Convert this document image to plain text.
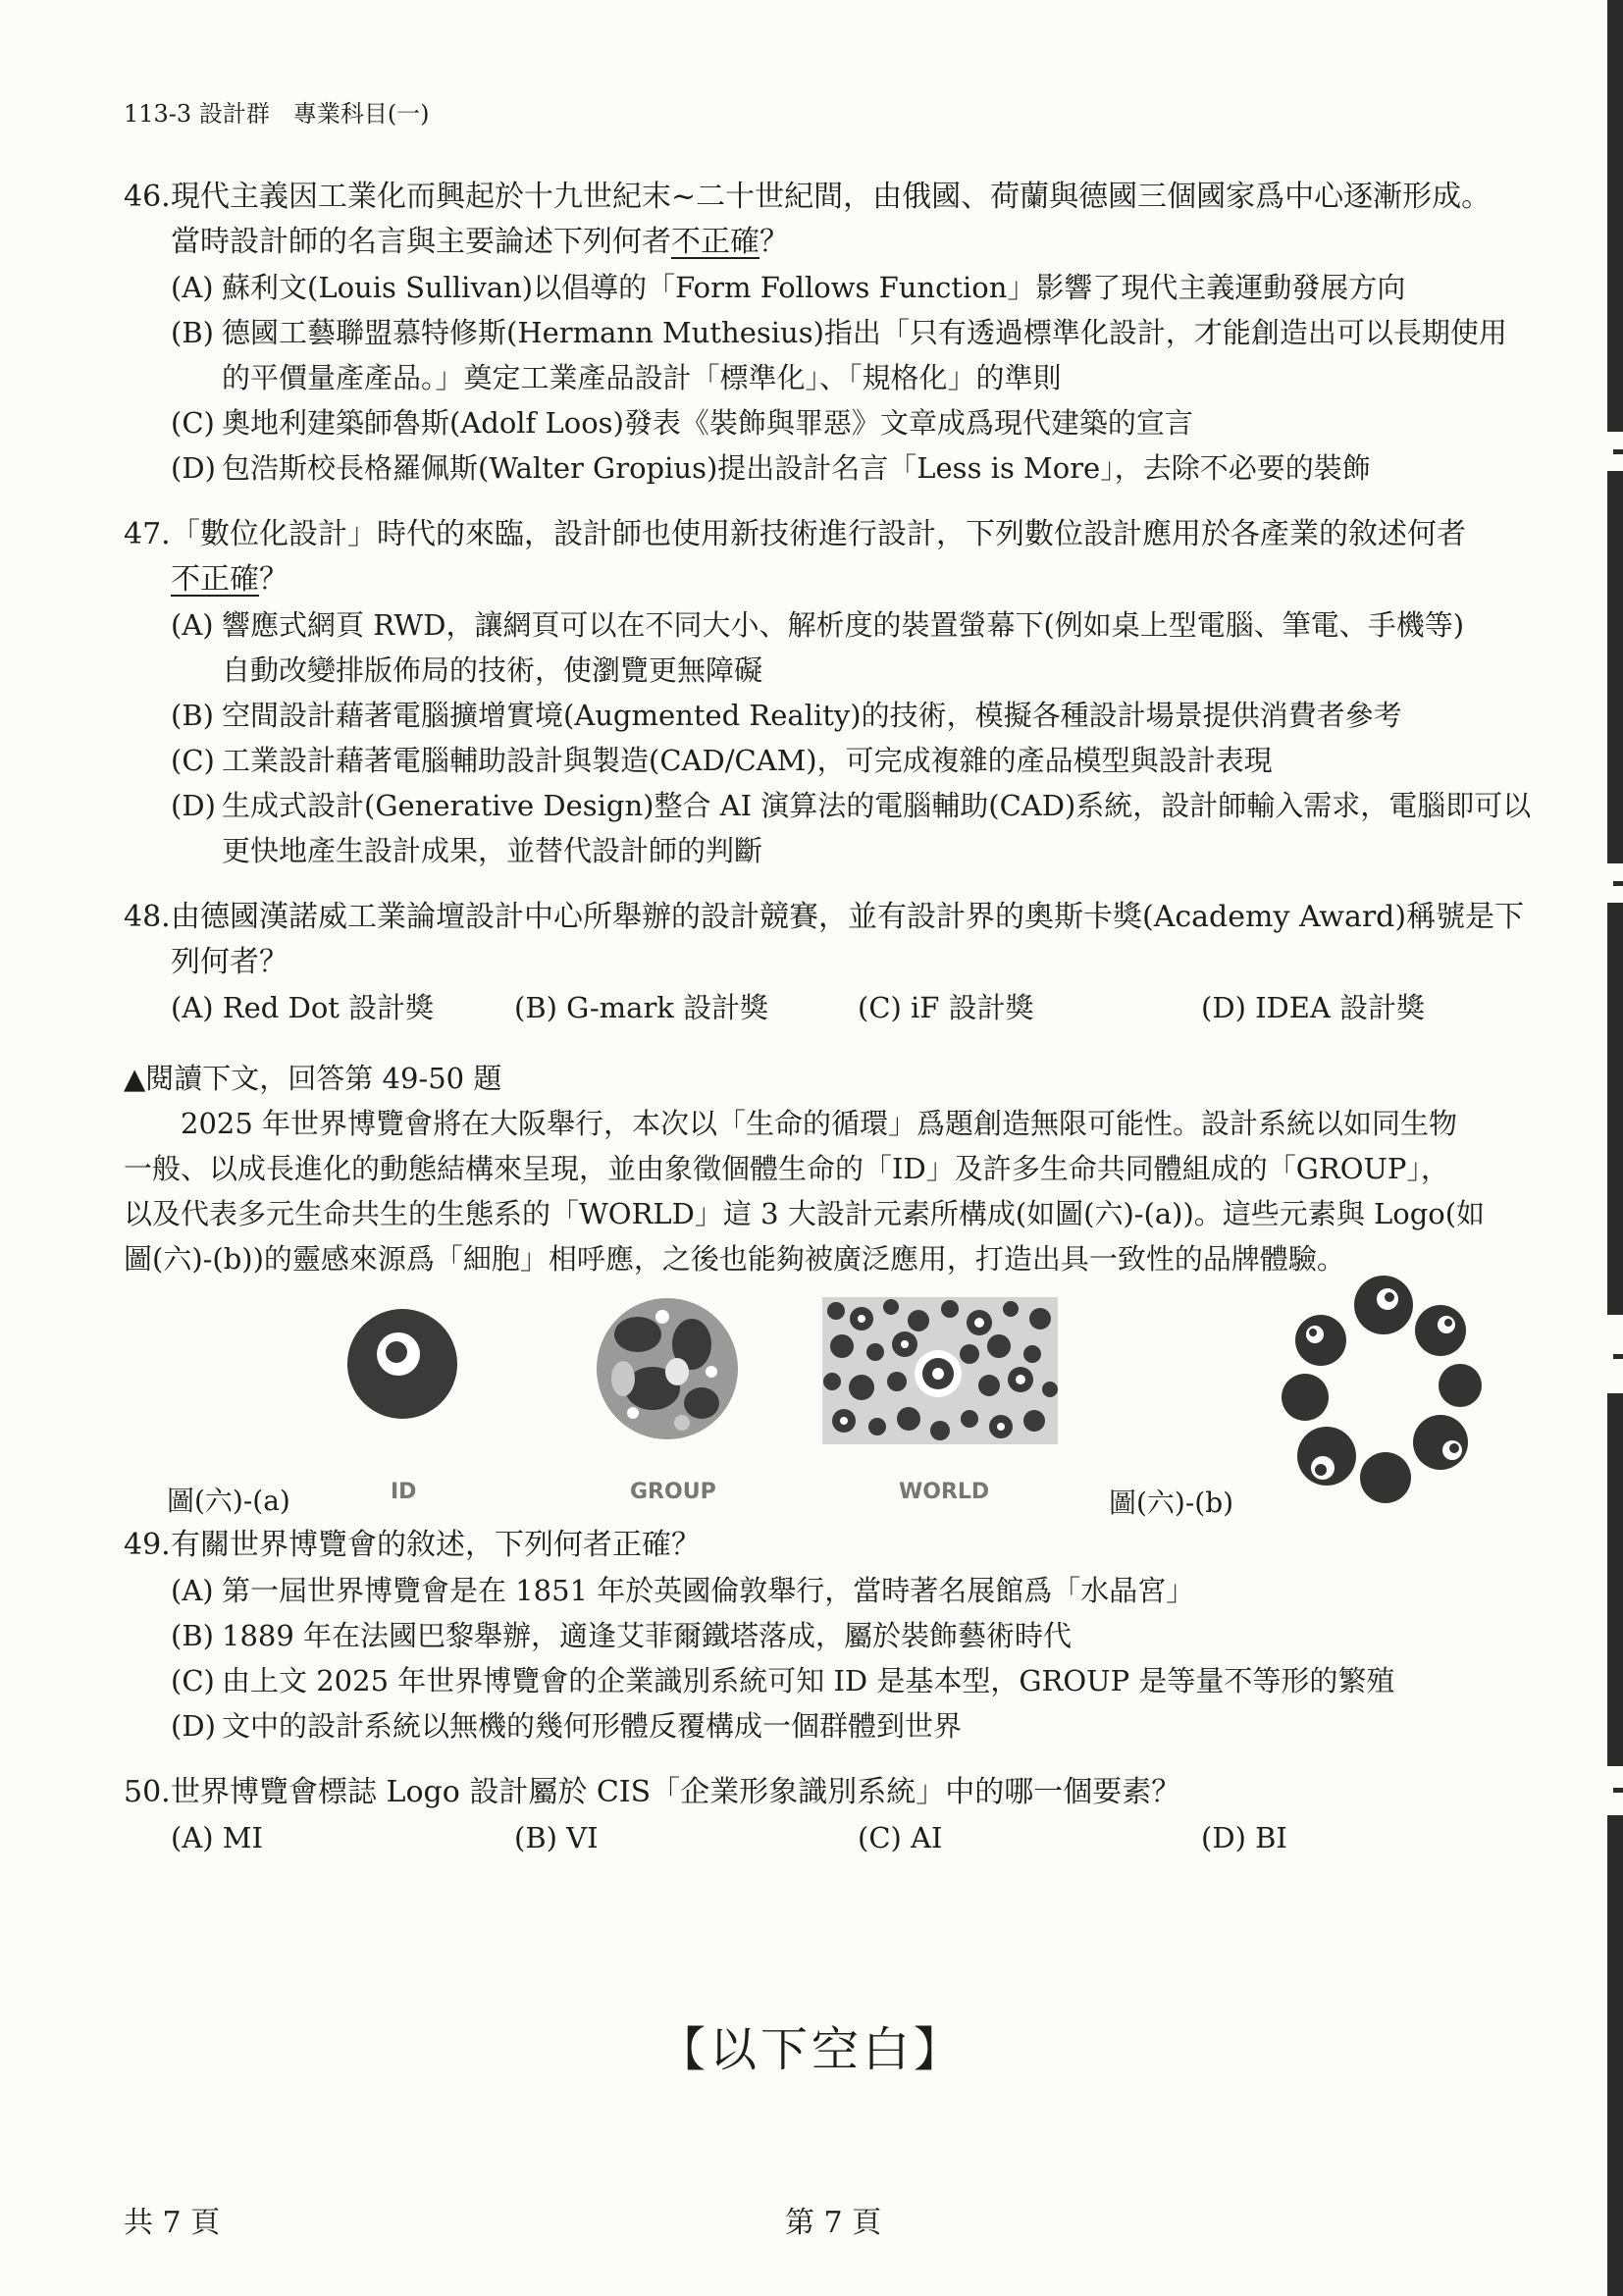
113-3 設計群　專業科目(一)
46. 現代主義因工業化而興起於十九世紀末~二十世紀間，由俄國、荷蘭與德國三個國家爲中心逐漸形成。
當時設計師的名言與主要論述下列何者不正確？
(A) 蘇利文(Louis Sullivan)以倡導的「Form Follows Function」影響了現代主義運動發展方向
(B) 德國工藝聯盟慕特修斯(Hermann Muthesius)指出「只有透過標準化設計，才能創造出可以長期使用
的平價量產產品。」奠定工業產品設計「標準化」、「規格化」的準則
(C) 奧地利建築師魯斯(Adolf Loos)發表《裝飾與罪惡》文章成爲現代建築的宣言
(D) 包浩斯校長格羅佩斯(Walter Gropius)提出設計名言「Less is More」，去除不必要的裝飾
47. 「數位化設計」時代的來臨，設計師也使用新技術進行設計，下列數位設計應用於各產業的敘述何者
不正確？
(A) 響應式網頁 RWD，讓網頁可以在不同大小、解析度的裝置螢幕下(例如桌上型電腦、筆電、手機等)
自動改變排版佈局的技術，使瀏覽更無障礙
(B) 空間設計藉著電腦擴增實境(Augmented Reality)的技術，模擬各種設計場景提供消費者參考
(C) 工業設計藉著電腦輔助設計與製造(CAD/CAM)，可完成複雜的產品模型與設計表現
(D) 生成式設計(Generative Design)整合 AI 演算法的電腦輔助(CAD)系統，設計師輸入需求，電腦即可以
更快地產生設計成果，並替代設計師的判斷
48. 由德國漢諾威工業論壇設計中心所舉辦的設計競賽，並有設計界的奧斯卡獎(Academy Award)稱號是下
列何者？
(A) Red Dot 設計獎	(B) G-mark 設計獎	(C) iF 設計獎	(D) IDEA 設計獎
▲閱讀下文，回答第 49-50 題
　　2025 年世界博覽會將在大阪舉行，本次以「生命的循環」爲題創造無限可能性。設計系統以如同生物
一般、以成長進化的動態結構來呈現，並由象徵個體生命的「ID」及許多生命共同體組成的「GROUP」，
以及代表多元生命共生的生態系的「WORLD」這 3 大設計元素所構成(如圖(六)-(a))。這些元素與 Logo(如
圖(六)-(b))的靈感來源爲「細胞」相呼應，之後也能夠被廣泛應用，打造出具一致性的品牌體驗。
圖(六)-(a)	ID	GROUP	WORLD	圖(六)-(b)
49. 有關世界博覽會的敘述，下列何者正確？
(A) 第一屆世界博覽會是在 1851 年於英國倫敦舉行，當時著名展館爲「水晶宮」
(B) 1889 年在法國巴黎舉辦，適逢艾菲爾鐵塔落成，屬於裝飾藝術時代
(C) 由上文 2025 年世界博覽會的企業識別系統可知 ID 是基本型，GROUP 是等量不等形的繁殖
(D) 文中的設計系統以無機的幾何形體反覆構成一個群體到世界
50. 世界博覽會標誌 Logo 設計屬於 CIS「企業形象識別系統」中的哪一個要素？
(A) MI	(B) VI	(C) AI	(D) BI
【以下空白】
共 7 頁	第 7 頁
